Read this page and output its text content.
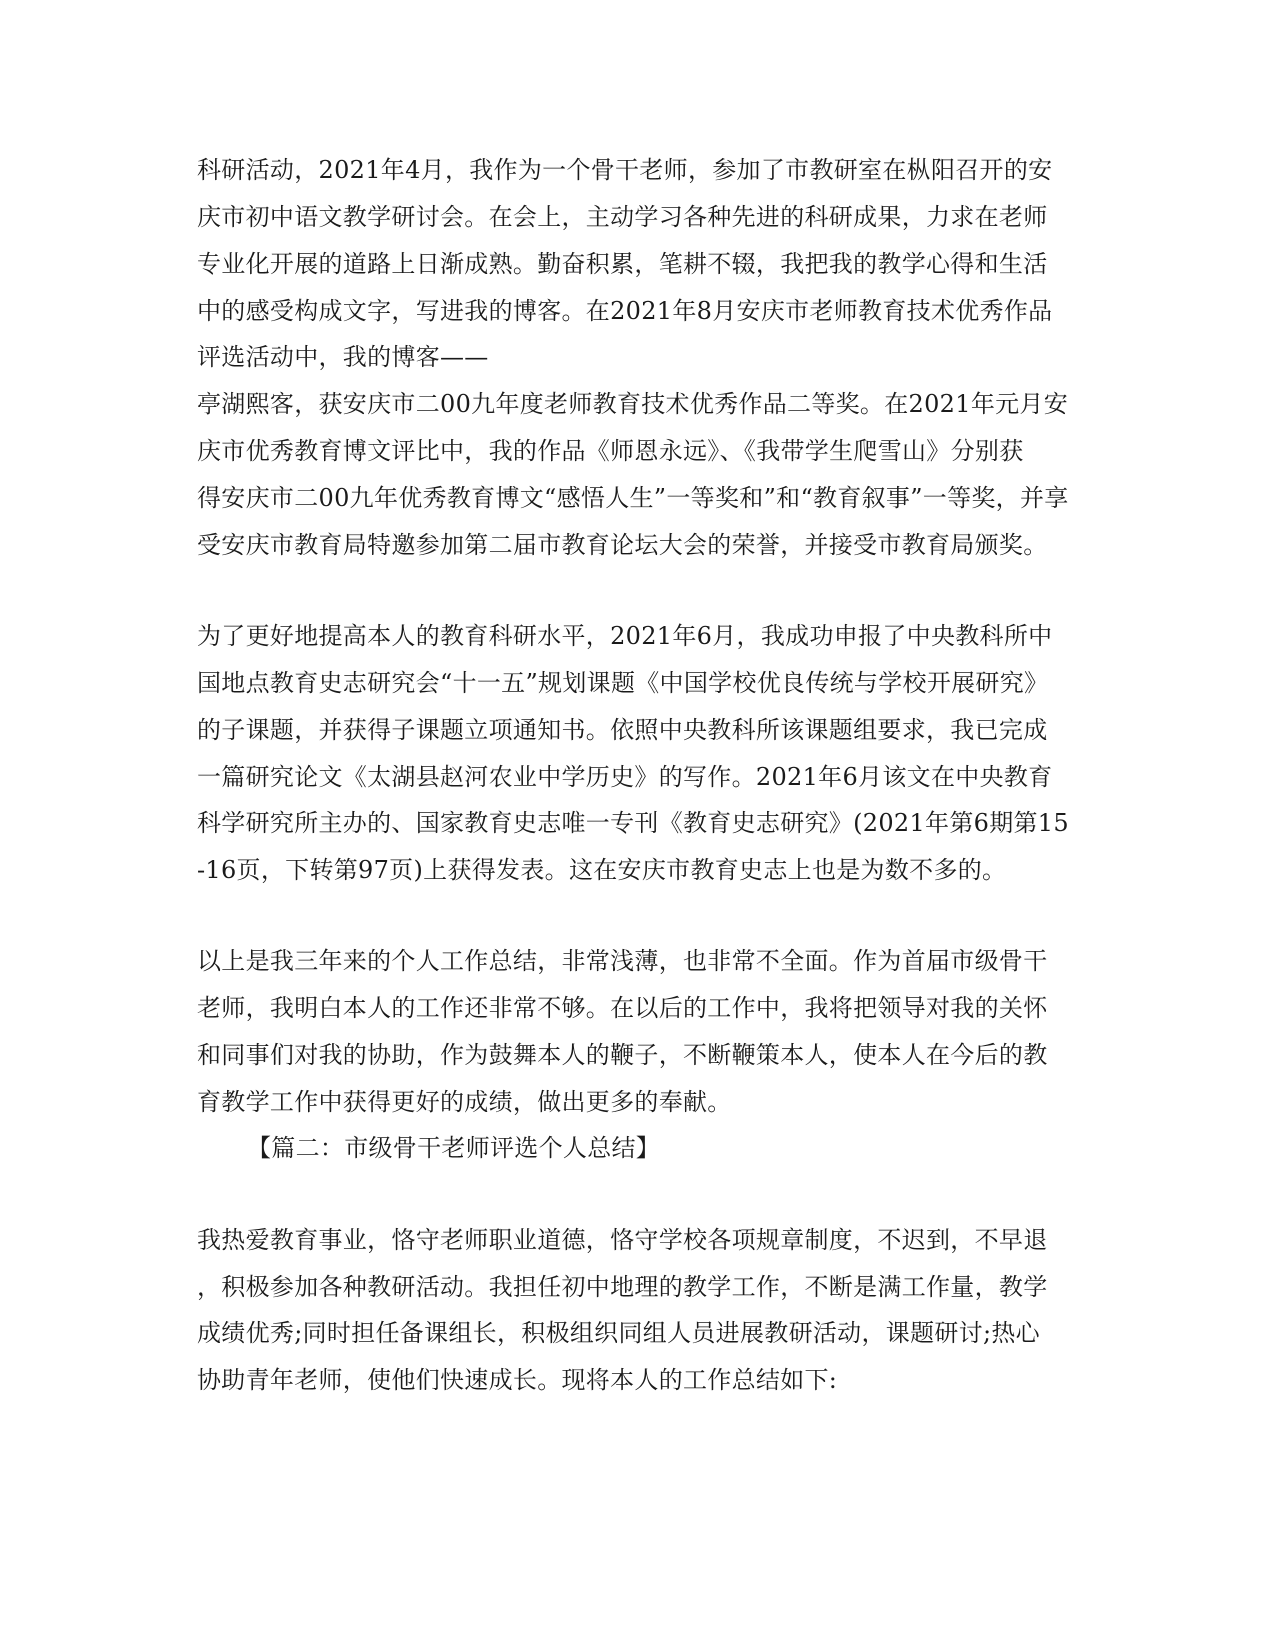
科研活动，2021年4月，我作为一个骨干老师，参加了市教研室在枞阳召开的安
庆市初中语文教学研讨会。在会上，主动学习各种先进的科研成果，力求在老师
专业化开展的道路上日渐成熟。勤奋积累，笔耕不辍，我把我的教学心得和生活
中的感受构成文字，写进我的博客。在2021年8月安庆市老师教育技术优秀作品
评选活动中，我的博客——
亭湖熙客，获安庆市二00九年度老师教育技术优秀作品二等奖。在2021年元月安
庆市优秀教育博文评比中，我的作品《师恩永远》、《我带学生爬雪山》分别获
得安庆市二00九年优秀教育博文“感悟人生”一等奖和”和“教育叙事”一等奖，并享
受安庆市教育局特邀参加第二届市教育论坛大会的荣誉，并接受市教育局颁奖。
为了更好地提高本人的教育科研水平，2021年6月，我成功申报了中央教科所中
国地点教育史志研究会“十一五”规划课题《中国学校优良传统与学校开展研究》
的子课题，并获得子课题立项通知书。依照中央教科所该课题组要求，我已完成
一篇研究论文《太湖县赵河农业中学历史》的写作。2021年6月该文在中央教育
科学研究所主办的、国家教育史志唯一专刊《教育史志研究》(2021年第6期第15
-16页，下转第97页)上获得发表。这在安庆市教育史志上也是为数不多的。
以上是我三年来的个人工作总结，非常浅薄，也非常不全面。作为首届市级骨干
老师，我明白本人的工作还非常不够。在以后的工作中，我将把领导对我的关怀
和同事们对我的协助，作为鼓舞本人的鞭子，不断鞭策本人，使本人在今后的教
育教学工作中获得更好的成绩，做出更多的奉献。
【篇二：市级骨干老师评选个人总结】
我热爱教育事业，恪守老师职业道德，恪守学校各项规章制度，不迟到，不早退
，积极参加各种教研活动。我担任初中地理的教学工作，不断是满工作量，教学
成绩优秀;同时担任备课组长，积极组织同组人员进展教研活动，课题研讨;热心
协助青年老师，使他们快速成长。现将本人的工作总结如下:
